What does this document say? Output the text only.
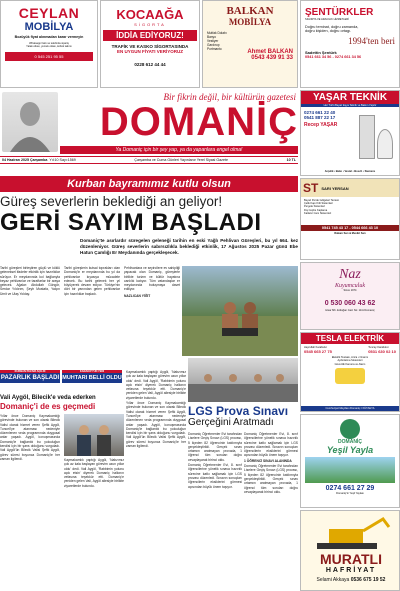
CEYLAN
MOBİLYA
Bozüyük fiyat alınmadan karar vermeyin
Whatsapp hattı ve telefonla sipariş
Yatak odası, yemek odası, koltuk takımı
0 545 251 95 55
KOCAAĞA
SİGORTA
İDDİA EDİYORUZ!
TRAFİK VE KASKO SİGORTASINDA
EN UYGUN FİYATI VERİYORUZ
0228 612 44 44
BALKAN
MOBİLYA
Mutfak Dolabı
Banyo
Vestiyer
Gardırop
Portmanto	Ahmet BALKAN
0543 439 91 33
ŞENTÜRKLER
SIGORTA VE ARACILIK HİZMETLERİ
Doğru teminat, doğru zamanda,
doğru kişiden, doğru ortagı.
1994'ten beri
Sadettin Şentürk
0541 661 34 56 - 0274 661 34 56
Bir fikrin değil, bir kültürün gazetesi
DOMANİÇ
Ya Domaniç için bir şey yap, ya da yapanlara engel olma!
04 Haziran 2025 Çarşamba Yıl:10 Sayı:1569	Çarşamba ve Cuma Günleri Yayınlanır Yerel Siyasi Gazete	10 TL
YAŞAR TEKNİK
Her Türlü Beyaz Eşya Teknik ve Bakım Yapılır
0274 661 22 40
0541 887 22 17
Recep YAŞAR
Arçelik • Beko • Vestel • Bosch • Siemens
Kurban bayramımız kutlu olsun
Güreş severlerin beklediği an geliyor!
GERİ SAYIM BAŞLADI
Domaniç'te asırlardır süregelen geleneği tarihin en eski Yağlı Pehlivan Güreşleri, bu yıl 664. kez düzenleniyor. Güreş severlerin sabırsızlıkla beklediği etkinlik, 17 Ağustos 2025 Pazar günü Ebe Hatun Çamlığı Er Meydanında gerçekleşecek.

Tarihi güreşleri birleştiren güçlü ve köklü geleneksel ifadeler etkinlik için hazırlıklar sürüyor. Er meydanında kol bağlarıyla beyaz pehlivanlar ve taraftarlar bir araya gelecek. Ağalar: Abdullah Güngör, Serdar Yıldırım, Şeyh Mustafa, Yalçın Ümit ve Ulaş Yolday.

Tarihi güreşlerin kutsal toprakları olan Domaniç'in er meydanında bu yıl da pehlivanlar kıyasıya mücadele edecek. Bu tarihi gelenek her yıl büyüyerek devam ediyor. Türkiye'nin dört bir yanından gelen pehlivanlar için hazırlıklar başladı.

Pehlivanlara ve seyircilere ev sahipliği yapacak olan Domaniç, güreşlerle birlikte turizm ve kültür hayatına canlılık katıyor. Tüm vatandaşlar er meydanında buluşmaya davet ediliyor.

NAZLICAN YİĞİT

ST SARI YERSAN
Beyaz Perde Gölgeleri Tentesi
Çelik Kapı Kilit Sistemleri
Pergole Sistemleri
Dış Cephe Kaplama
Katlanır Cam Sistemleri
0541 745 43 17 - 0544 666 43 10
Rakam Sarı & Mevlüt Sarı
Naz
Kuyumculuk
Since 1974
0 530 060 43 62
Hisar Mh. Erdoğan Cad. No: 11/A Domaniç
TESLA ELEKTRİK
Hayrullah Karabulut
0545 665 27 75
Tuncay Karabulut
0531 630 02 10
Elektrik Tesisatı, Arıza • Onarım
Aydınlatma Sistemleri
Güvenlik Kamera ve Alarm
Cumhuriyet Meydanı Domaniç / KÜTAHYA
KURBAN PAZARI AÇILDI
PAZARLIK BAŞLADI
KARAKÖY'ÜN YENİ
MUHTARI BELLİ OLDU
Vali Aygöl, Bilecik'e veda ederken
Domaniç'i de es geçmedi

Yıllar önce Domaniç Kaymakamlığı görevinde bulunan ve son olarak Bilecik Valisi olarak hizmet veren Şefik Aygöl, Tunceli'ye atanması nedeniyle düzenlenen veda programında duygusal anlar yaşadı. Aygöl, konuşmasında Domaniç'le bağlantılı bu yolculuğun kendisi için bir şans olduğunu vurguladı. Vali Aygöl'ün Bilecik Valisi Şefik Aygöl, görev süresi boyunca Domaniç'le her zaman ilgilendi.	Kaymakamlık yaptığı Aygöl, 'Nabzımız çok az kala başlayan görevim uzun yıllar oldu' dedi. Vali Aygöl, 'Rabbimin yolunu açık etsin' diyerek Domaniç halkının vefasına teşekkür etti. Domaniç'e yeniden gelen Vali, Aygöl ailesiyle birlikte ziyaretlerde bulundu.

Kaymakamlık yaptığı Aygöl, 'Nabzımız çok az kala başlayan görevim uzun yıllar oldu' dedi. Vali Aygöl, 'Rabbimin yolunu açık etsin' diyerek Domaniç halkının vefasına teşekkür etti. Domaniç'e yeniden gelen Vali, Aygöl ailesiyle birlikte ziyaretlerde bulundu.

Yıllar önce Domaniç Kaymakamlığı görevinde bulunan ve son olarak Bilecik Valisi olarak hizmet veren Şefik Aygöl, Tunceli'ye atanması nedeniyle düzenlenen veda programında duygusal anlar yaşadı. Aygöl, konuşmasında Domaniç'le bağlantılı bu yolculuğun kendisi için bir şans olduğunu vurguladı. Vali Aygöl'ün Bilecik Valisi Şefik Aygöl, görev süresi boyunca Domaniç'le her zaman ilgilendi.

LGS Prova Sınavı
Gerçeğini Aratmadı

Domaniç Öğretmenler Evi tarafından Liselere Geçiş Sınavı (LGS) provası, 5 ilçeden 82 öğrencinin katılımıyla gerçekleştirildi. Gerçek sınav ortamını aratmayan provada, 1 öğrenci tüm soruları doğru cevaplayarak birinci oldu.

Domaniç Öğretmenler Evi, 8. sınıf öğrencilerine yönelik sınava hazırlık sürecine katkı sağlamak için LGS provası düzenledi. Sınavın sonuçları öğrencilerin eksiklerini görmesi açısından büyük önem taşıyor.

Domaniç Öğretmenler Evi, 8. sınıf öğrencilerine yönelik sınava hazırlık sürecine katkı sağlamak için LGS provası düzenledi. Sınavın sonuçları öğrencilerin eksiklerini görmesi açısından büyük önem taşıyor.

1 ÖĞRENCİ SINAVI ALANINDA

Domaniç Öğretmenler Evi tarafından Liselere Geçiş Sınavı (LGS) provası, 5 ilçeden 82 öğrencinin katılımıyla gerçekleştirildi. Gerçek sınav ortamını aratmayan provada, 1 öğrenci tüm soruları doğru cevaplayarak birinci oldu.

DOMANİÇ
Yeşil Yayla
0274 661 27 29
Domaniç'in Yeşil Yaylası
MURATLI
HAFRİYAT
Selami Akkaya 0536 675 19 52
